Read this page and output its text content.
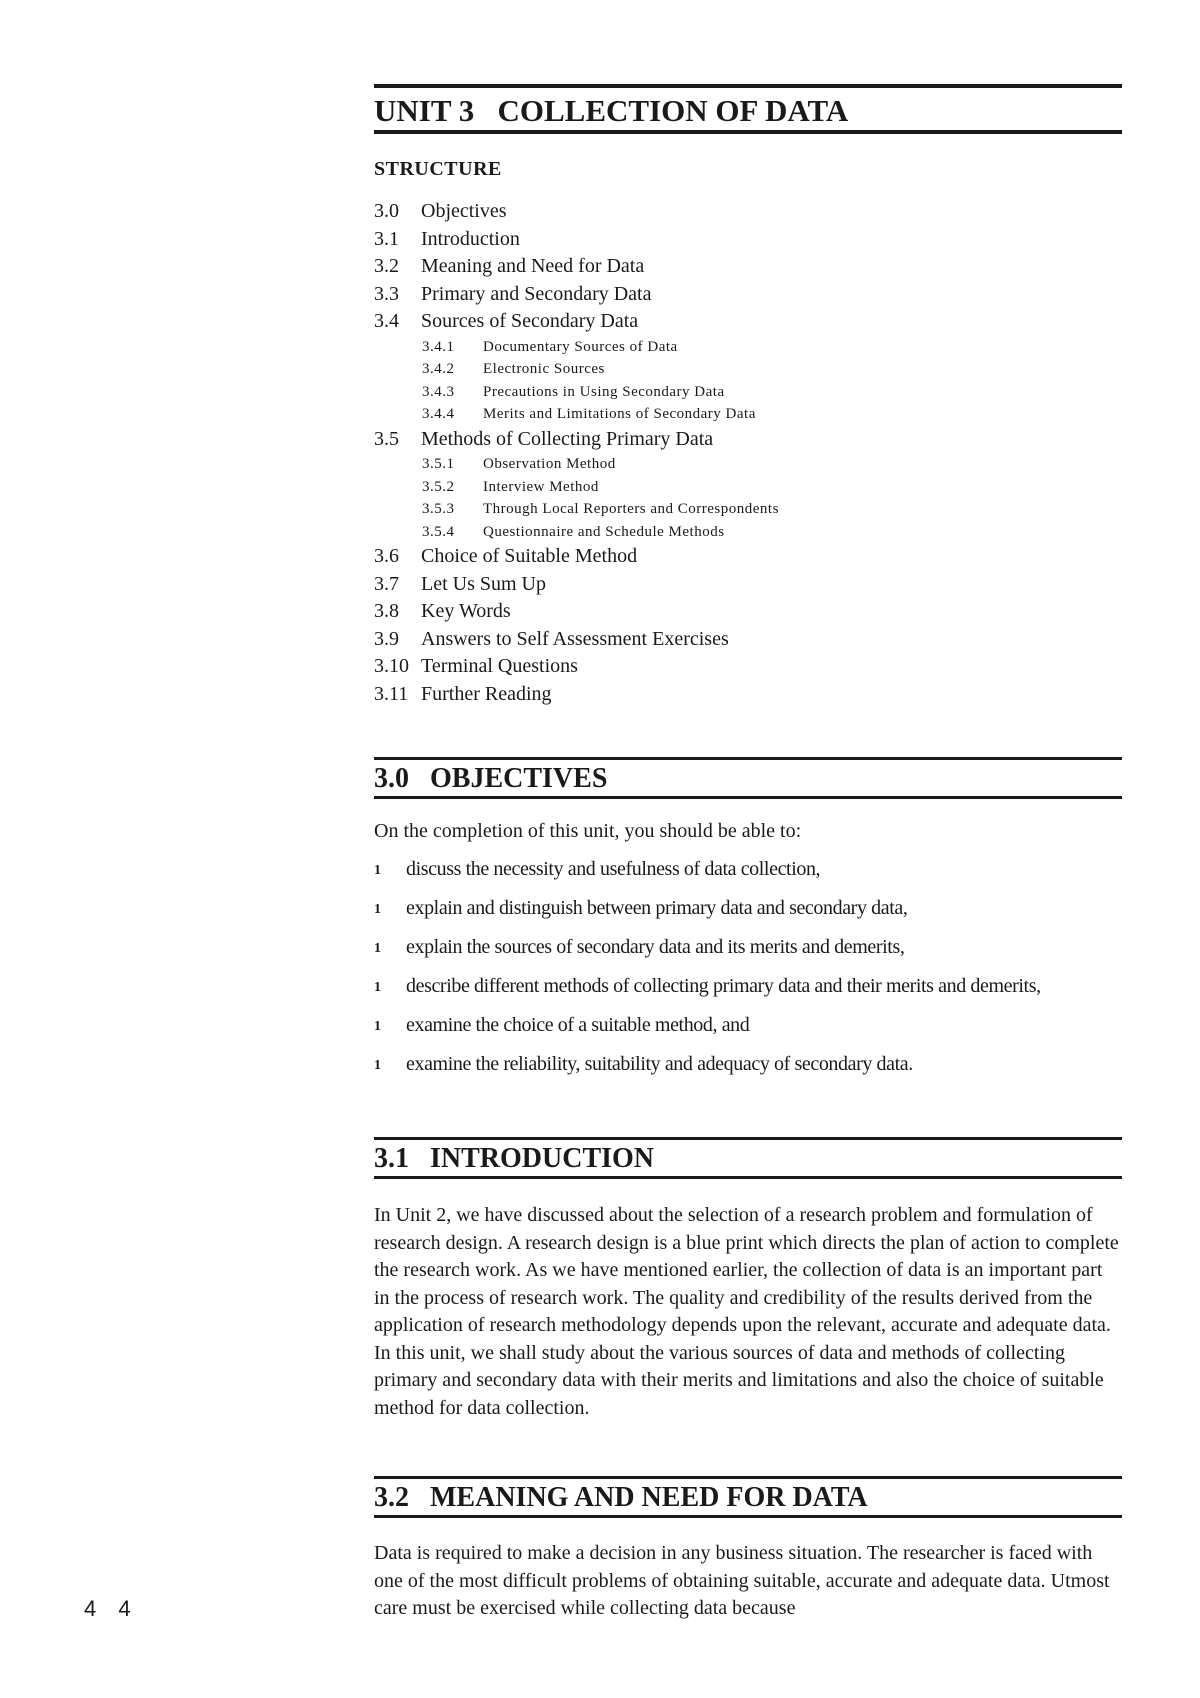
4 4
UNIT 3 COLLECTION OF DATA
STRUCTURE
3.0 Objectives
3.1 Introduction
3.2 Meaning and Need for Data
3.3 Primary and Secondary Data
3.4 Sources of Secondary Data
3.4.1 Documentary Sources of Data
3.4.2 Electronic Sources
3.4.3 Precautions in Using Secondary Data
3.4.4 Merits and Limitations of Secondary Data
3.5 Methods of Collecting Primary Data
3.5.1 Observation Method
3.5.2 Interview Method
3.5.3 Through Local Reporters and Correspondents
3.5.4 Questionnaire and Schedule Methods
3.6 Choice of Suitable Method
3.7 Let Us Sum Up
3.8 Key Words
3.9 Answers to Self Assessment Exercises
3.10 Terminal Questions
3.11 Further Reading
3.0 OBJECTIVES
On the completion of this unit, you should be able to:
1	discuss the necessity and usefulness of data collection,
1	explain and distinguish between primary data and secondary data,
1	explain the sources of secondary data and its merits and demerits,
1	describe different methods of collecting primary data and their merits and demerits,
1	examine the choice of a suitable method, and
1	examine the reliability, suitability and adequacy of secondary data.
3.1 INTRODUCTION

In Unit 2, we have discussed about the selection of a research problem and formulation of research design. A research design is a blue print which directs the plan of action to complete the research work. As we have mentioned earlier, the collection of data is an important part in the process of research work. The quality and credibility of the results derived from the application of research methodology depends upon the relevant, accurate and adequate data. In this unit, we shall study about the various sources of data and methods of collecting primary and secondary data with their merits and limitations and also the choice of suitable method for data collection.

3.2 MEANING AND NEED FOR DATA

Data is required to make a decision in any business situation. The researcher is faced with one of the most difficult problems of obtaining suitable, accurate and adequate data. Utmost care must be exercised while collecting data because
